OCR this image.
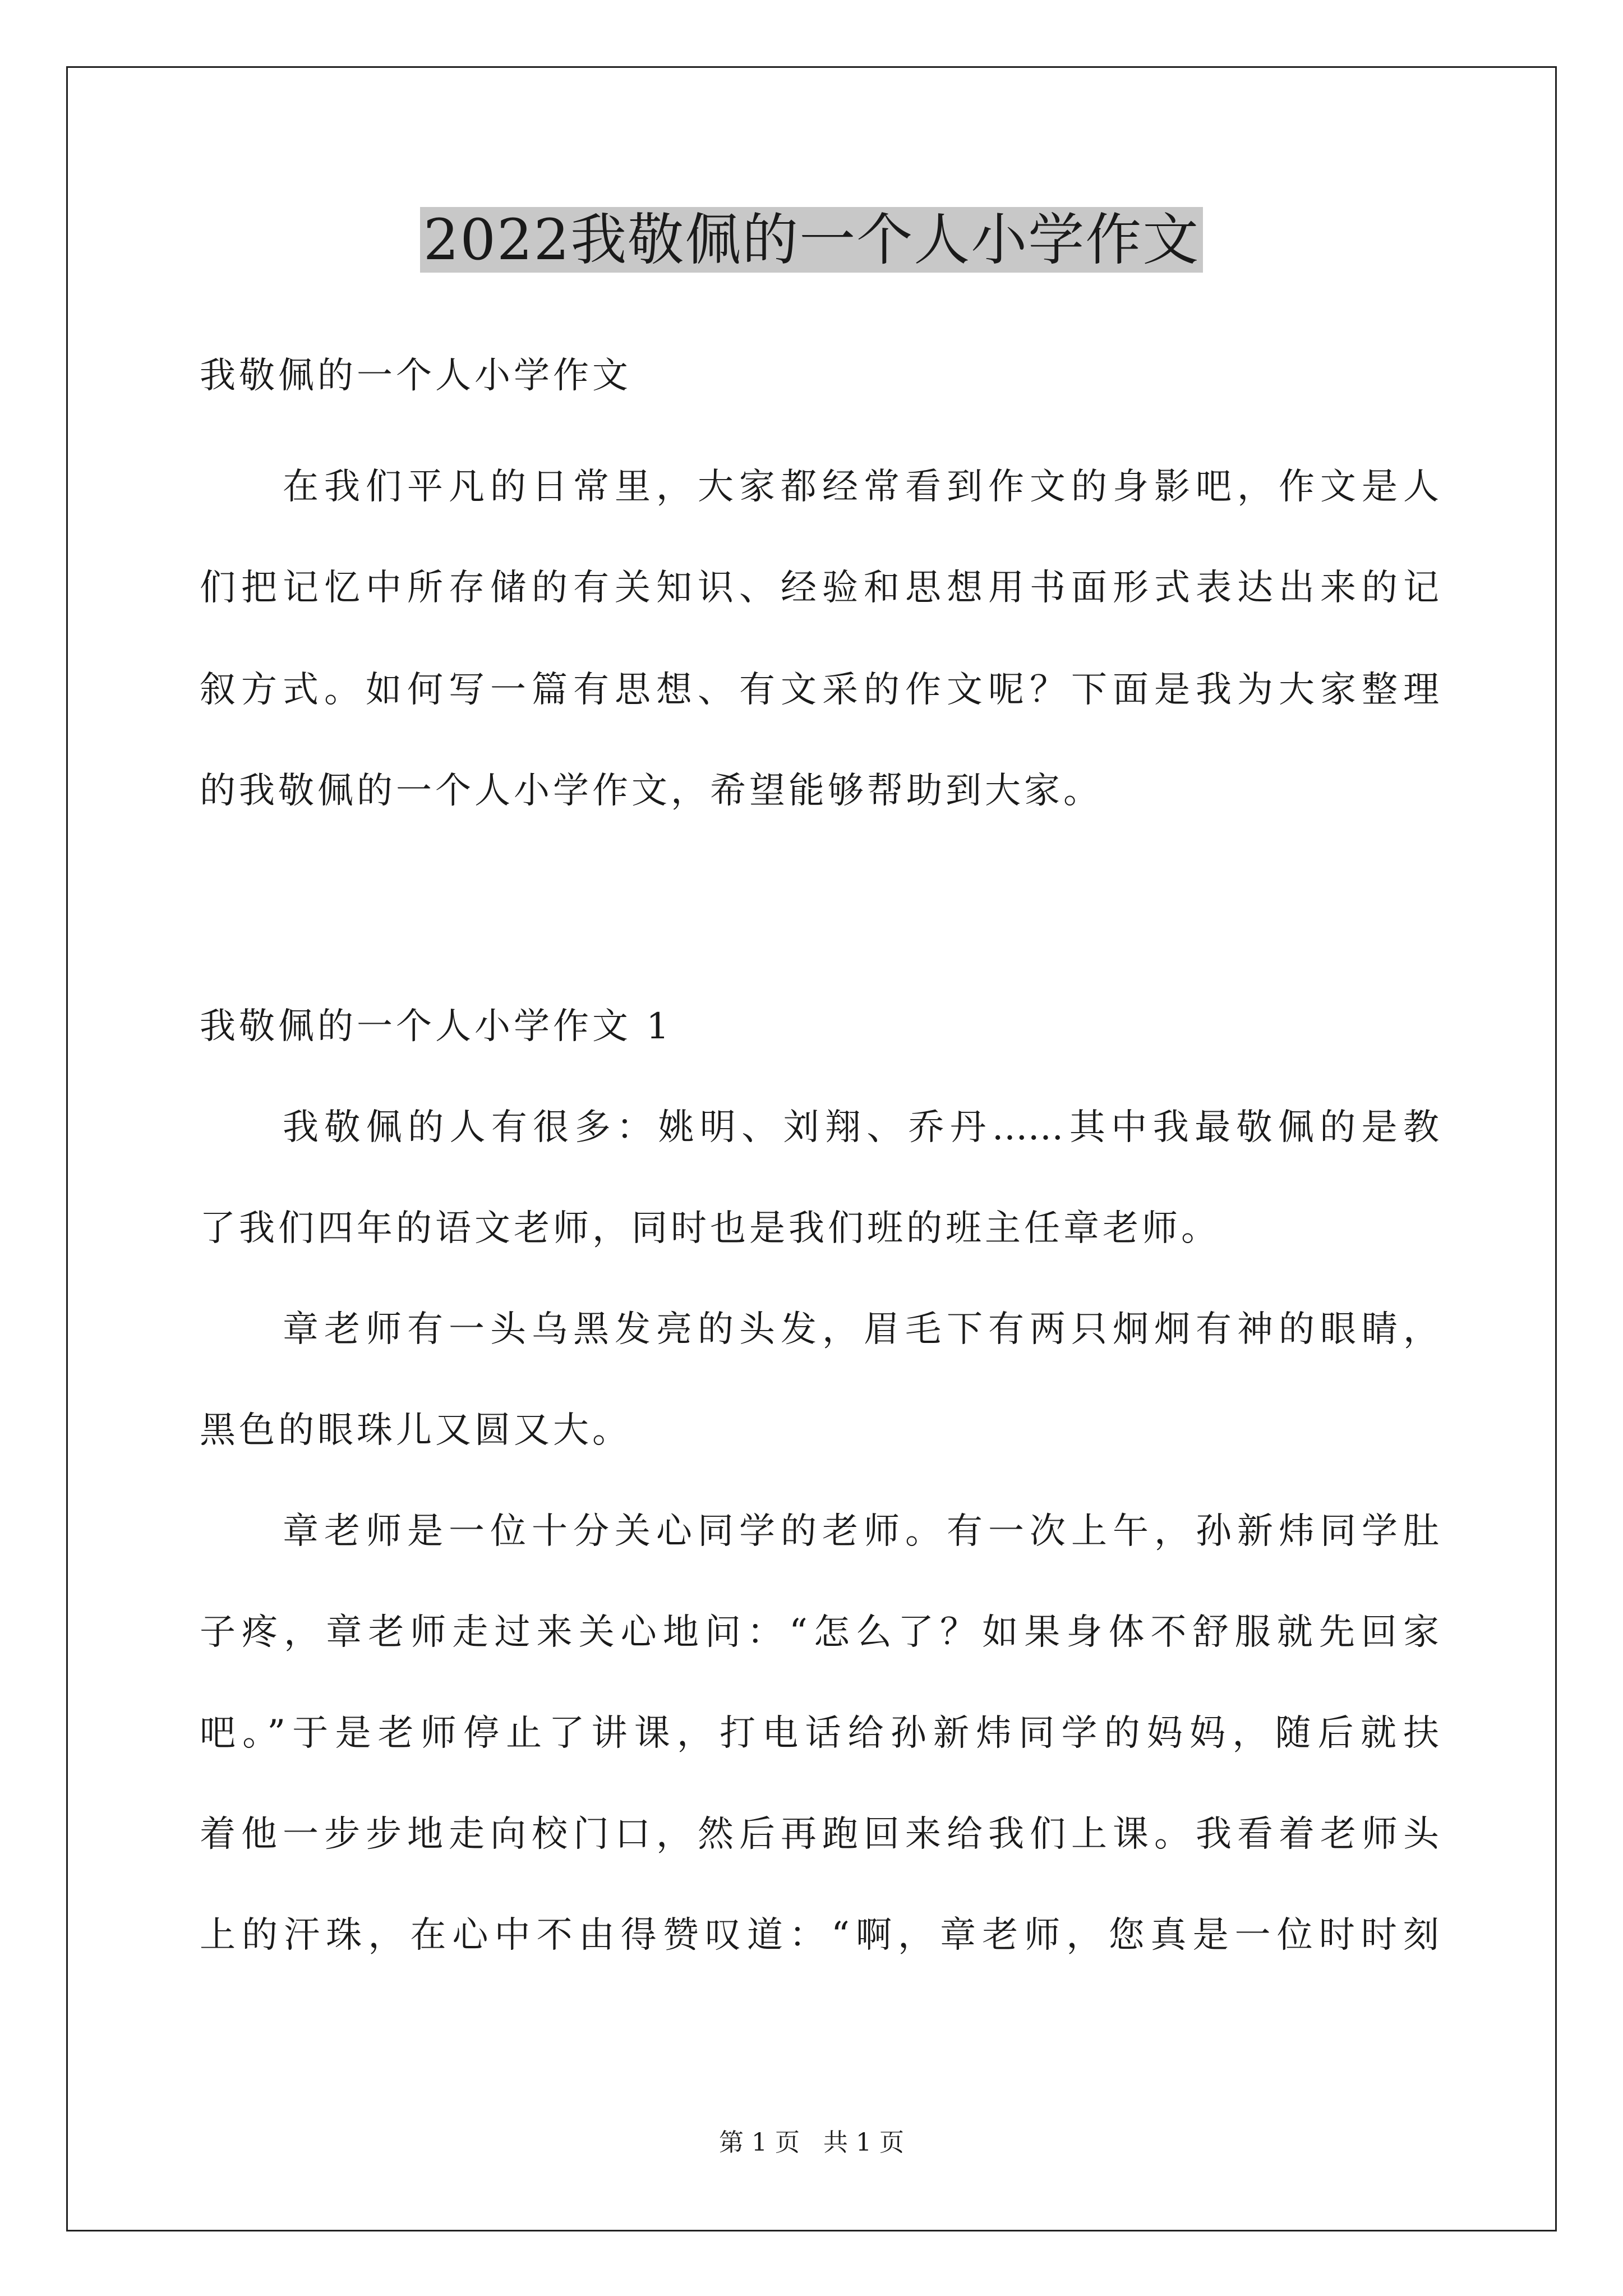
2022我敬佩的一个人小学作文
我敬佩的一个人小学作文
在我们平凡的日常里，大家都经常看到作文的身影吧，作文是人
们把记忆中所存储的有关知识、经验和思想用书面形式表达出来的记
叙方式。如何写一篇有思想、有文采的作文呢？下面是我为大家整理
的我敬佩的一个人小学作文，希望能够帮助到大家。
我敬佩的一个人小学作文 1
我敬佩的人有很多：姚明、刘翔、乔丹……其中我最敬佩的是教
了我们四年的语文老师，同时也是我们班的班主任章老师。
章老师有一头乌黑发亮的头发，眉毛下有两只炯炯有神的眼睛，
黑色的眼珠儿又圆又大。
章老师是一位十分关心同学的老师。有一次上午，孙新炜同学肚
子疼，章老师走过来关心地问：“怎么了？如果身体不舒服就先回家
吧。”于是老师停止了讲课，打电话给孙新炜同学的妈妈，随后就扶
着他一步步地走向校门口，然后再跑回来给我们上课。我看着老师头
上的汗珠，在心中不由得赞叹道：“啊，章老师，您真是一位时时刻
第 1 页 共 1 页
